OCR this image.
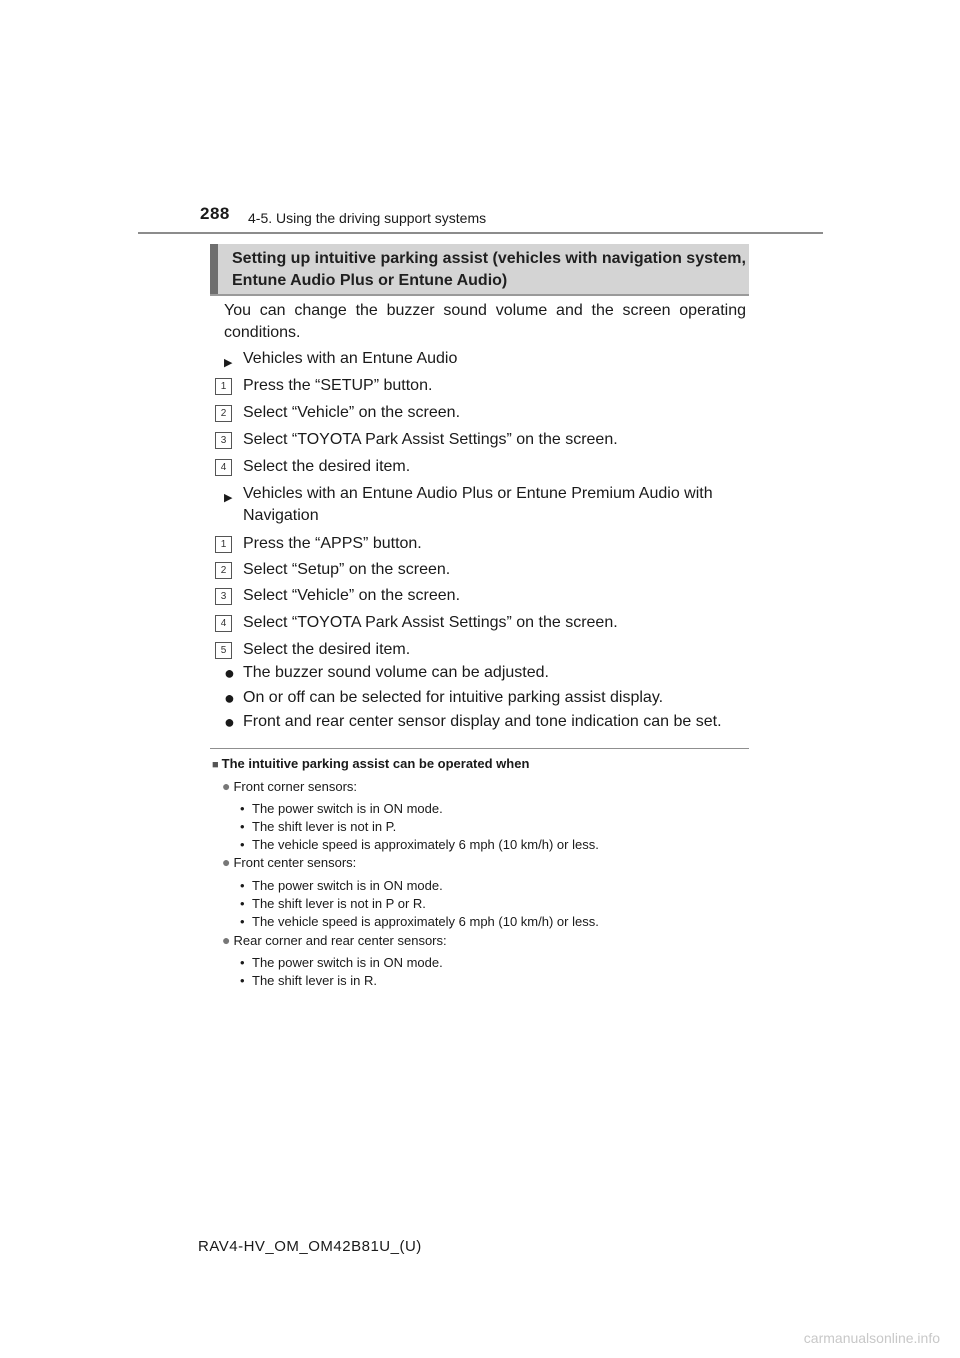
288 4-5. Using the driving support systems
Setting up intuitive parking assist (vehicles with navigation system, Entune Audio Plus or Entune Audio)
You can change the buzzer sound volume and the screen operating conditions.
▶ Vehicles with an Entune Audio
1	Press the “SETUP” button.
2	Select “Vehicle” on the screen.
3	Select “TOYOTA Park Assist Settings” on the screen.
4	Select the desired item.
▶ Vehicles with an Entune Audio Plus or Entune Premium Audio with Navigation
1	Press the “APPS” button.
2	Select “Setup” on the screen.
3	Select “Vehicle” on the screen.
4	Select “TOYOTA Park Assist Settings” on the screen.
5	Select the desired item.
● The buzzer sound volume can be adjusted.
● On or off can be selected for intuitive parking assist display.
● Front and rear center sensor display and tone indication can be set.
■ The intuitive parking assist can be operated when
● Front corner sensors:
• The power switch is in ON mode.
• The shift lever is not in P.
• The vehicle speed is approximately 6 mph (10 km/h) or less.
● Front center sensors:
• The power switch is in ON mode.
• The shift lever is not in P or R.
• The vehicle speed is approximately 6 mph (10 km/h) or less.
● Rear corner and rear center sensors:
• The power switch is in ON mode.
• The shift lever is in R.
RAV4-HV_OM_OM42B81U_(U)
carmanualsonline.info
